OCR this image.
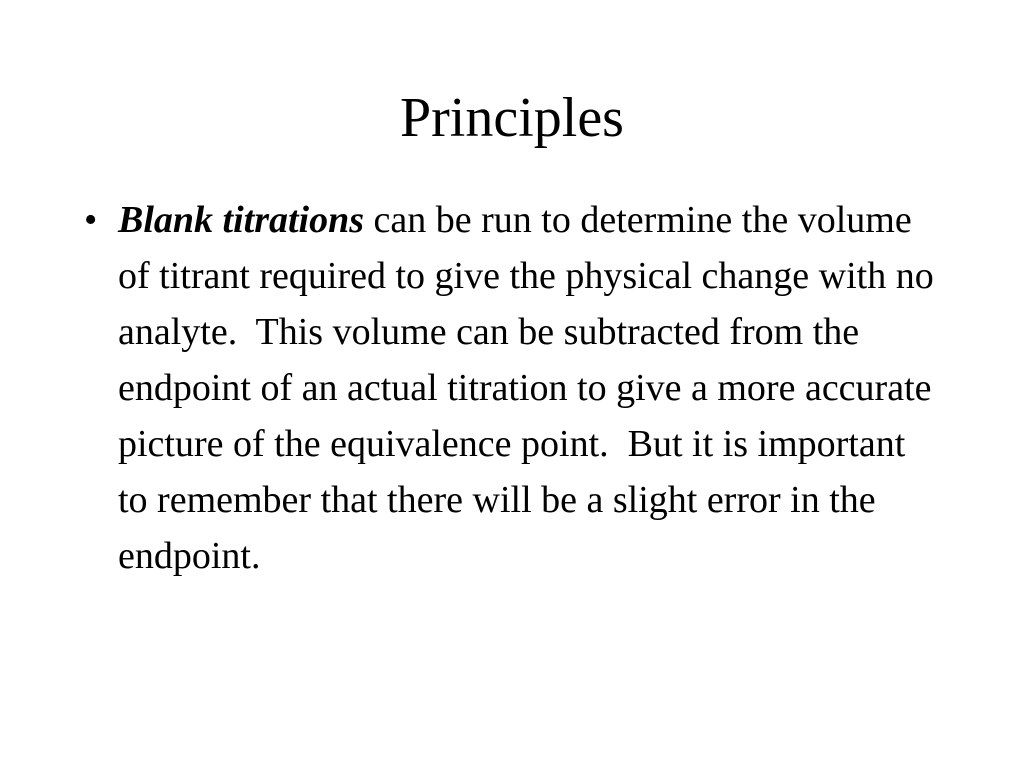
Principles
• Blank titrations can be run to determine the volume of titrant required to give the physical change with no analyte.  This volume can be subtracted from the endpoint of an actual titration to give a more accurate picture of the equivalence point.  But it is important to remember that there will be a slight error in the endpoint.
